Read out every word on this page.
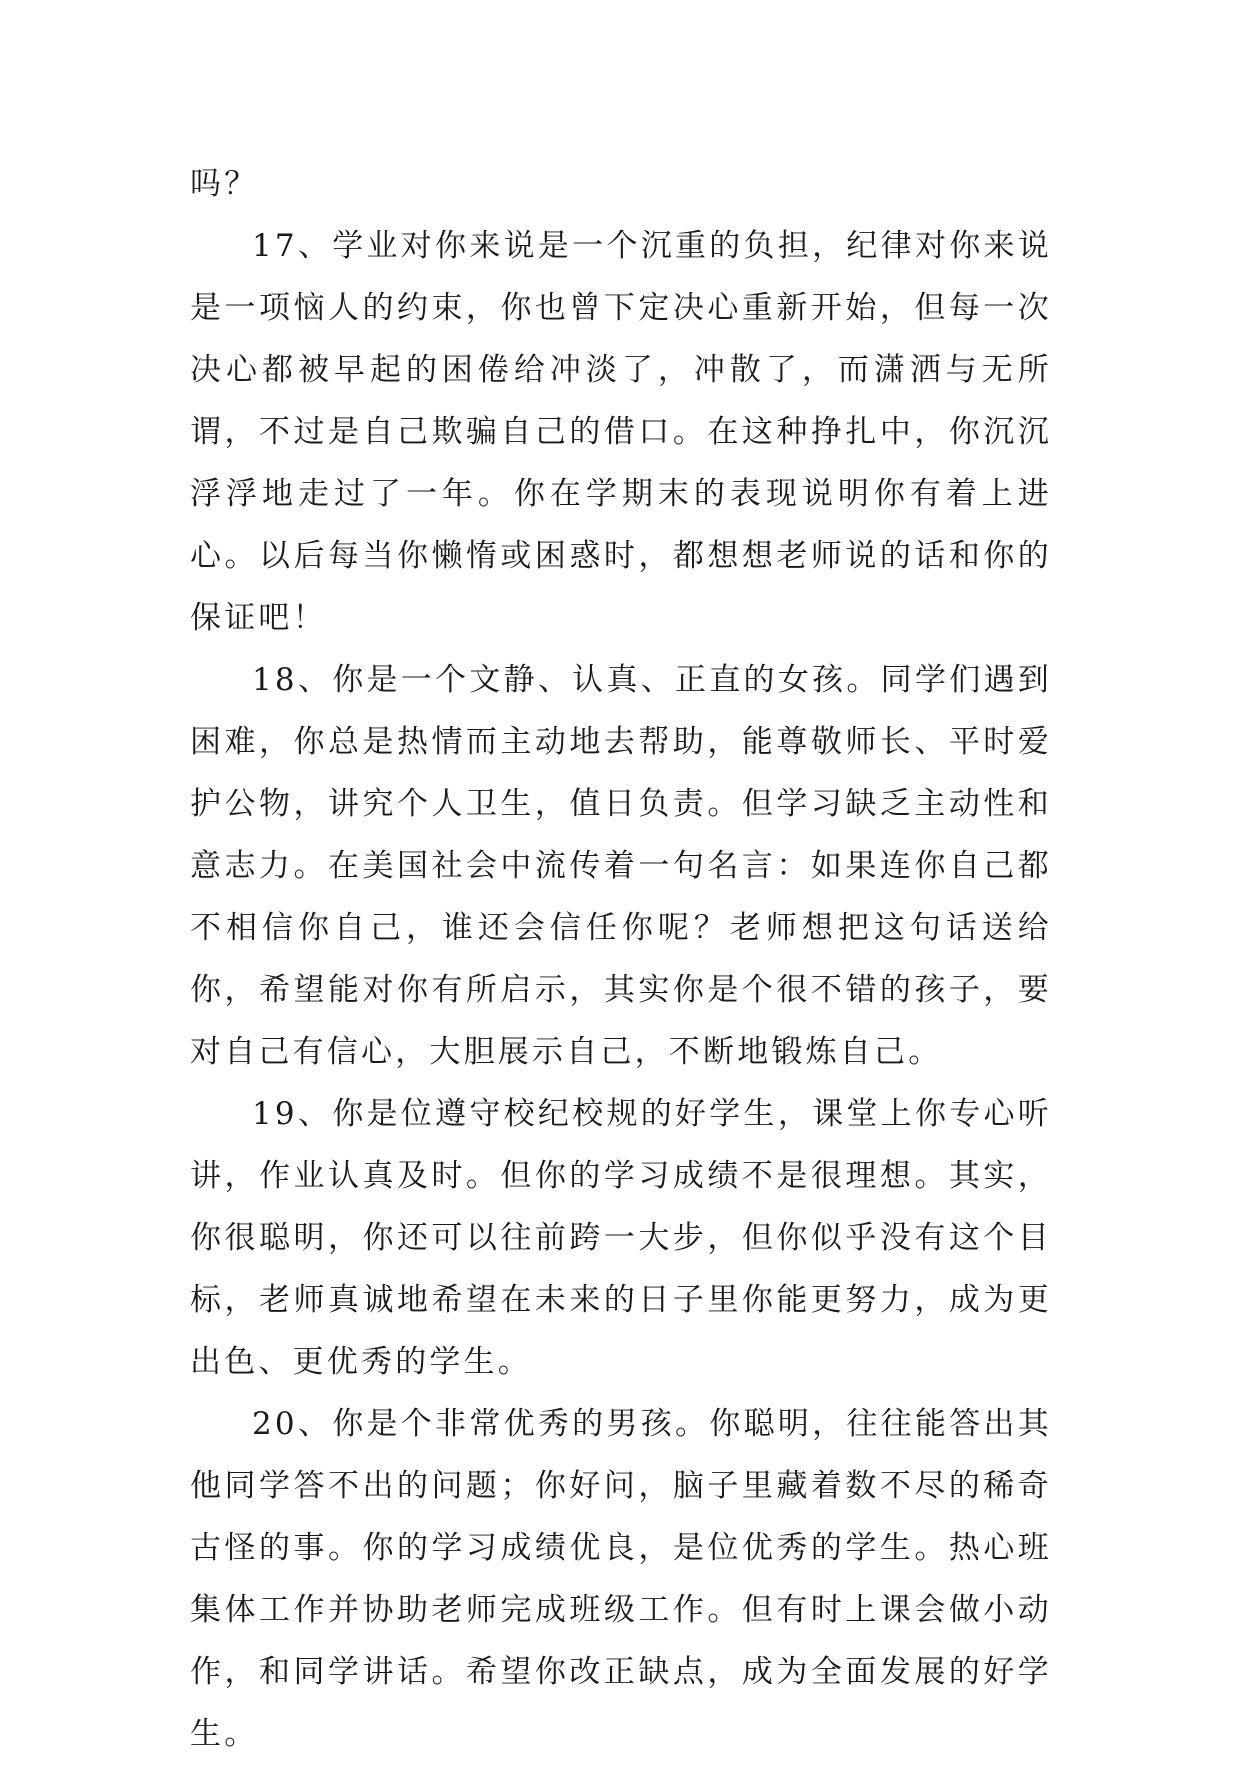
吗？

17、学业对你来说是一个沉重的负担，纪律对你来说是一项恼人的约束，你也曾下定决心重新开始，但每一次决心都被早起的困倦给冲淡了，冲散了，而潇洒与无所谓，不过是自己欺骗自己的借口。在这种挣扎中，你沉沉浮浮地走过了一年。你在学期末的表现说明你有着上进心。以后每当你懒惰或困惑时，都想想老师说的话和你的保证吧！

18、你是一个文静、认真、正直的女孩。同学们遇到困难，你总是热情而主动地去帮助，能尊敬师长、平时爱护公物，讲究个人卫生，值日负责。但学习缺乏主动性和意志力。在美国社会中流传着一句名言：如果连你自己都不相信你自己，谁还会信任你呢？老师想把这句话送给你，希望能对你有所启示，其实你是个很不错的孩子，要对自己有信心，大胆展示自己，不断地锻炼自己。

19、你是位遵守校纪校规的好学生，课堂上你专心听讲，作业认真及时。但你的学习成绩不是很理想。其实，你很聪明，你还可以往前跨一大步，但你似乎没有这个目标，老师真诚地希望在未来的日子里你能更努力，成为更出色、更优秀的学生。

20、你是个非常优秀的男孩。你聪明，往往能答出其他同学答不出的问题；你好问，脑子里藏着数不尽的稀奇古怪的事。你的学习成绩优良，是位优秀的学生。热心班集体工作并协助老师完成班级工作。但有时上课会做小动作，和同学讲话。希望你改正缺点，成为全面发展的好学生。
